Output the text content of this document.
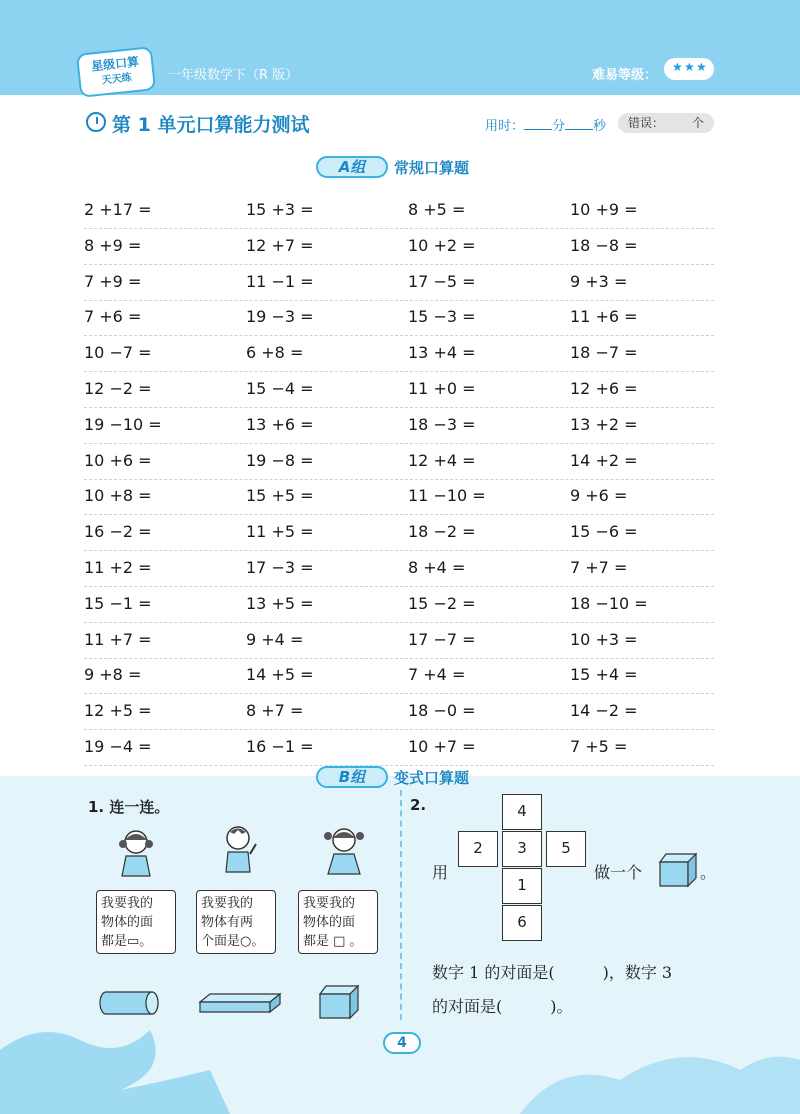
星级口算
天天练	一年级数学下（R 版）	难易等级：
★ ★ ★
第 1 单元口算能力测试	用时： 分 秒 错误： 个
A组	常规口算题
2 +17 =	15 +3 =	8 +5 =	10 +9 =
8 +9 =	12 +7 =	10 +2 =	18 −8 =
7 +9 =	11 −1 =	17 −5 =	9 +3 =
7 +6 =	19 −3 =	15 −3 =	11 +6 =
10 −7 =	6 +8 =	13 +4 =	18 −7 =
12 −2 =	15 −4 =	11 +0 =	12 +6 =
19 −10 =	13 +6 =	18 −3 =	13 +2 =
10 +6 =	19 −8 =	12 +4 =	14 +2 =
10 +8 =	15 +5 =	11 −10 =	9 +6 =
16 −2 =	11 +5 =	18 −2 =	15 −6 =
11 +2 =	17 −3 =	8 +4 =	7 +7 =
15 −1 =	13 +5 =	15 −2 =	18 −10 =
11 +7 =	9 +4 =	17 −7 =	10 +3 =
9 +8 =	14 +5 =	7 +4 =	15 +4 =
12 +5 =	8 +7 =	18 −0 =	14 −2 =
19 −4 =	16 −1 =	10 +7 =	7 +5 =
B组	变式口算题
1. 连一连。
我要我的
物体的面
都是▭。
我要我的
物体有两
个面是○。
我要我的
物体的面
都是 □ 。
2.
用
4
2	3	5
1
6
做一个	。
数字 1 的对面是(　　　)，数字 3
的对面是(　　　)。
4
